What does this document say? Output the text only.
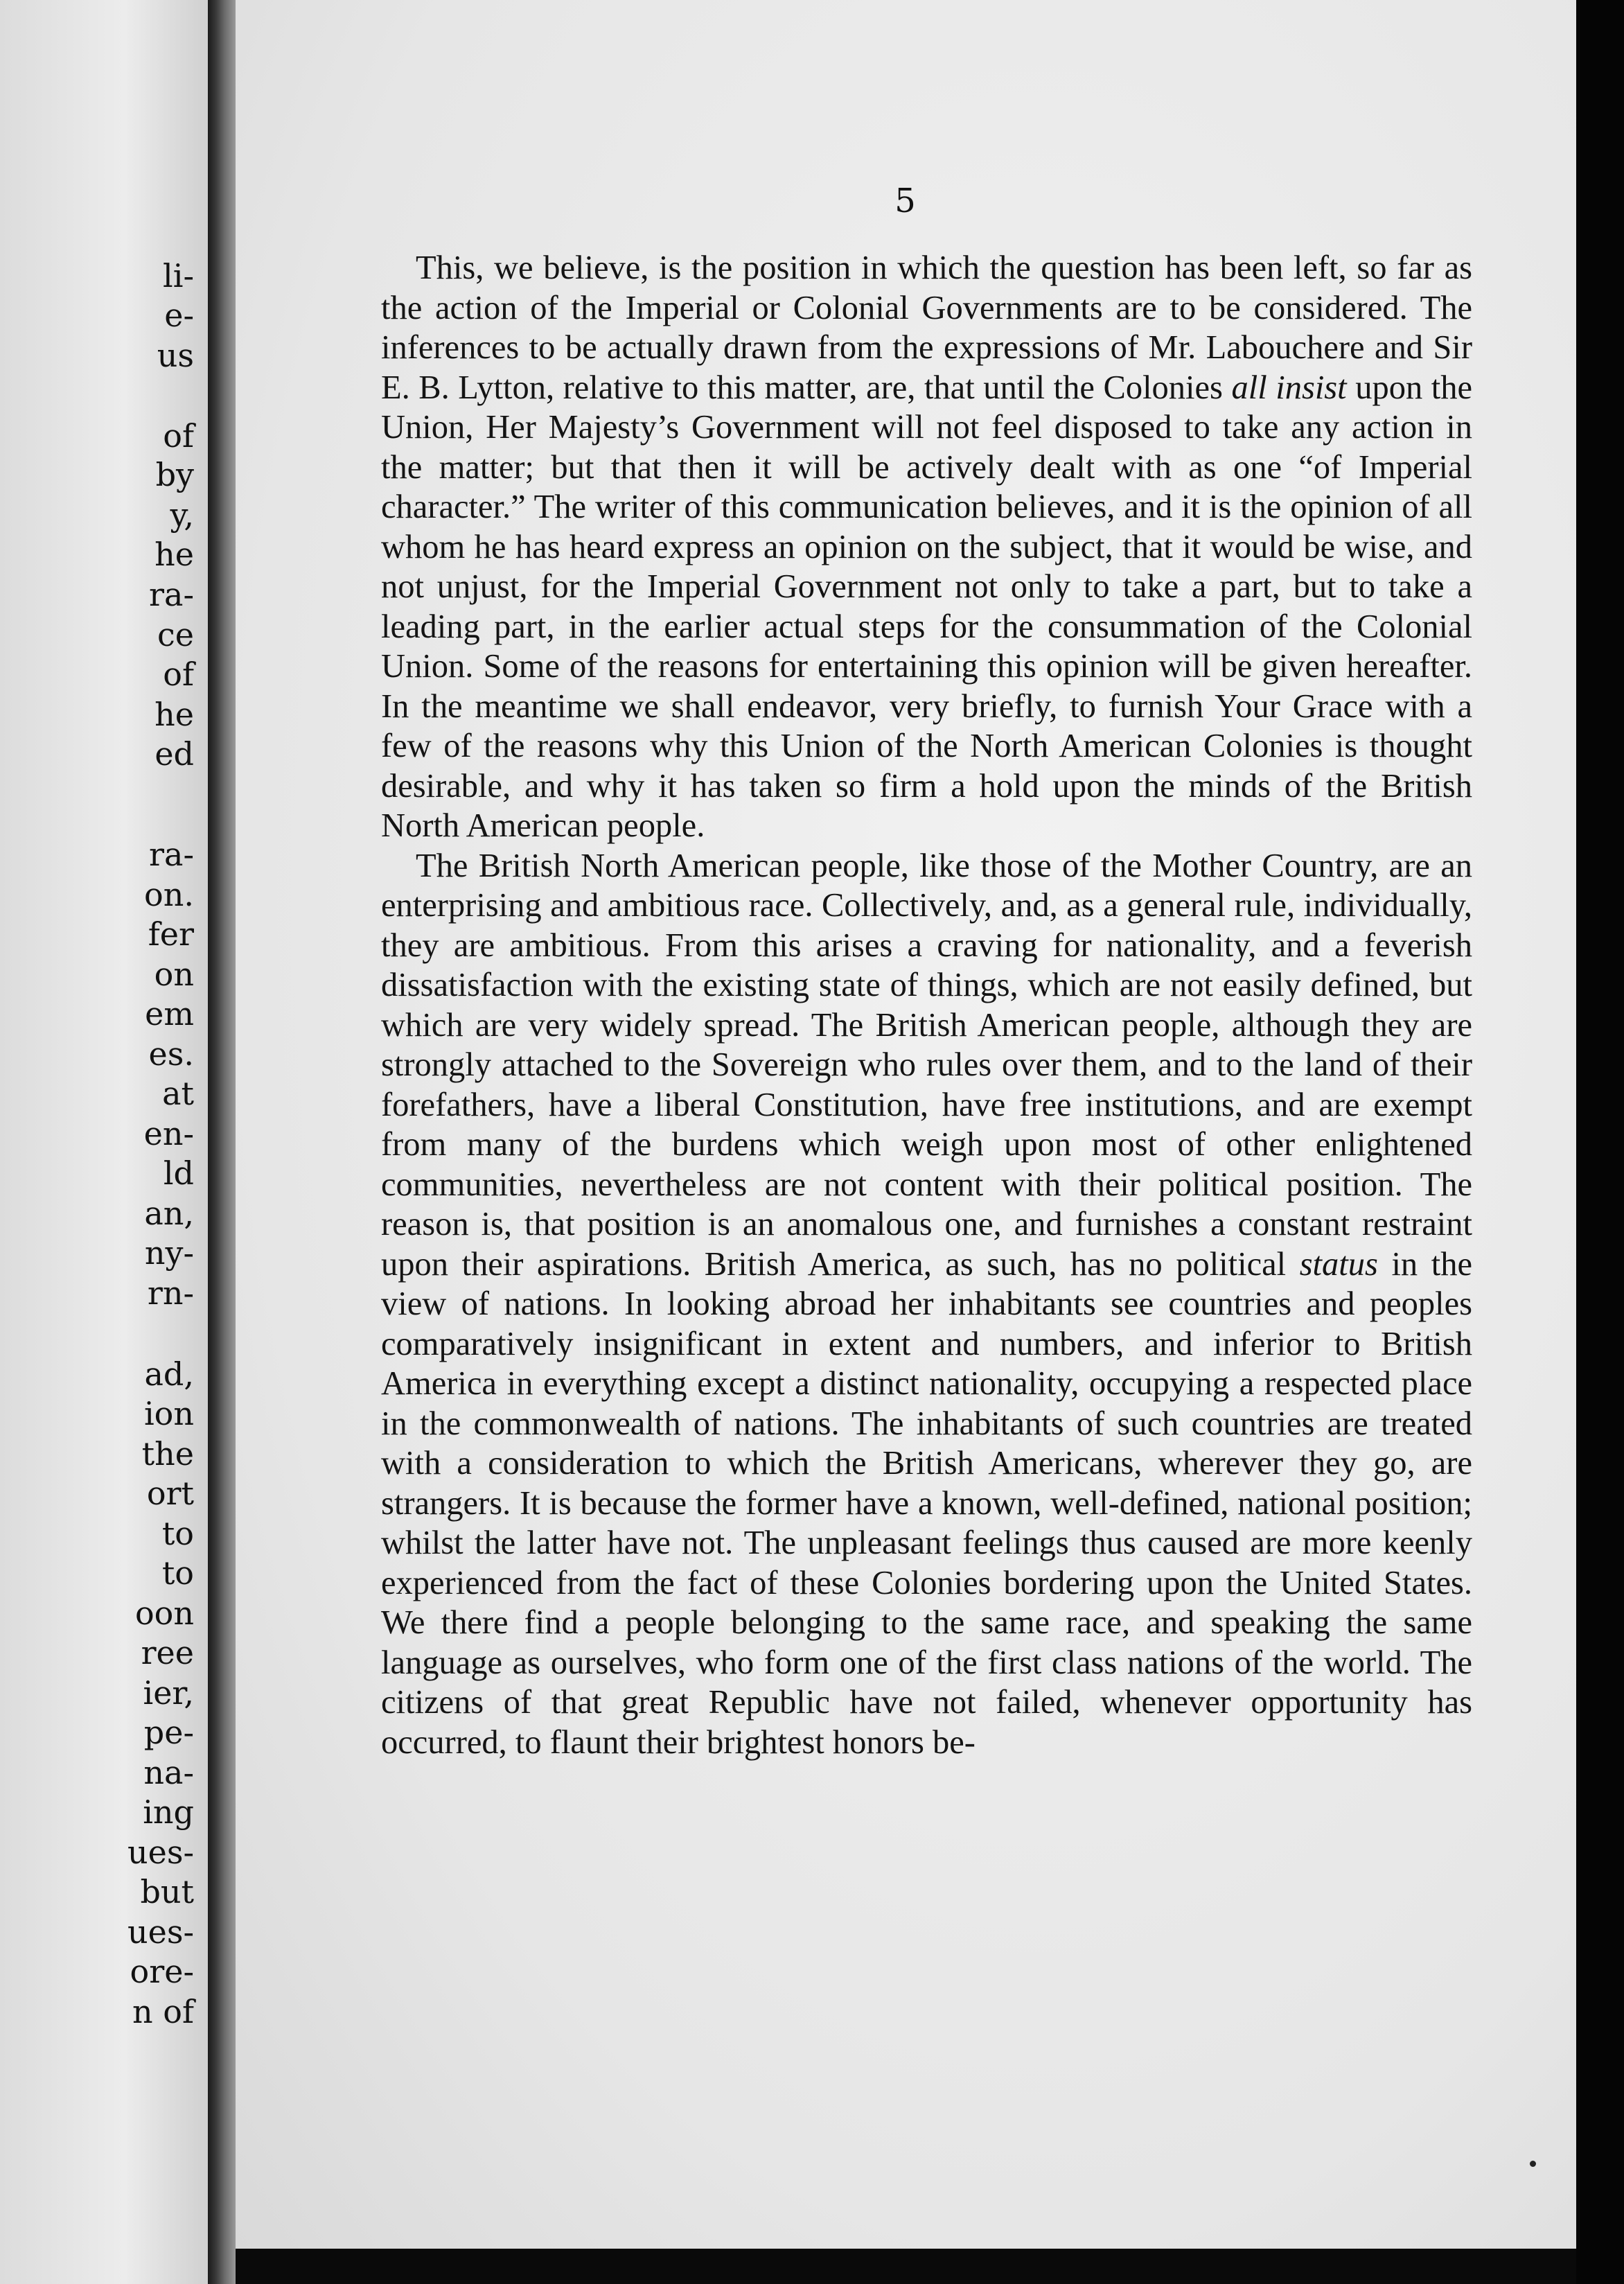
li-
e-
us
of
by
y,
he
ra-
ce
of
he
ed
ra-
on.
fer
on
em
es.
at
en-
ld
an,
ny-
rn-
ad,
ion
the
ort
to
to
oon
ree
ier,
pe-
na-
ing
ues-
but
ues-
ore-
n of
5

This, we believe, is the position in which the question has been left, so far as the action of the Imperial or Colonial Governments are to be considered. The inferences to be actually drawn from the expressions of Mr. Labouchere and Sir E. B. Lytton, relative to this matter, are, that until the Colonies all insist upon the Union, Her Majesty’s Government will not feel disposed to take any action in the matter; but that then it will be actively dealt with as one “of Imperial character.” The writer of this communication believes, and it is the opinion of all whom he has heard express an opinion on the subject, that it would be wise, and not unjust, for the Imperial Government not only to take a part, but to take a leading part, in the earlier actual steps for the consummation of the Colonial Union. Some of the reasons for entertaining this opinion will be given hereafter. In the meantime we shall endeavor, very briefly, to furnish Your Grace with a few of the reasons why this Union of the North American Colonies is thought desirable, and why it has taken so firm a hold upon the minds of the British North American people.

The British North American people, like those of the Mother Country, are an enterprising and ambitious race. Collectively, and, as a general rule, individually, they are ambitious. From this arises a craving for nationality, and a feverish dissatisfaction with the existing state of things, which are not easily defined, but which are very widely spread. The British American people, although they are strongly attached to the Sovereign who rules over them, and to the land of their forefathers, have a liberal Constitution, have free institutions, and are exempt from many of the burdens which weigh upon most of other enlightened communities, nevertheless are not content with their political position. The reason is, that position is an anomalous one, and furnishes a constant restraint upon their aspirations. British America, as such, has no political status in the view of nations. In looking abroad her inhabitants see countries and peoples comparatively insignificant in extent and numbers, and inferior to British America in everything except a distinct nationality, occupying a respected place in the commonwealth of nations. The inhabitants of such countries are treated with a consideration to which the British Americans, wherever they go, are strangers. It is because the former have a known, well-defined, national position; whilst the latter have not. The unpleasant feelings thus caused are more keenly experienced from the fact of these Colonies bordering upon the United States. We there find a people belonging to the same race, and speaking the same language as ourselves, who form one of the first class nations of the world. The citizens of that great Republic have not failed, whenever opportunity has occurred, to flaunt their brightest honors be-
